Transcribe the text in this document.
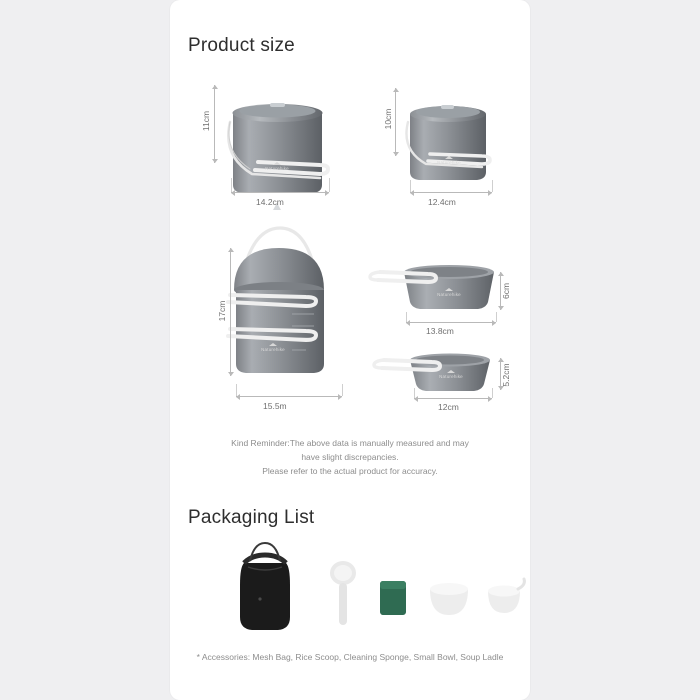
Product size
Naturehike
11cm
14.2cm
Naturehike
10cm
12.4cm
Naturehike
17cm
15.5m
Naturehike	6cm
13.8cm
Naturehike	5.2cm
12cm
Kind Reminder:The above data is manually measured and may
have slight discrepancies.
Please refer to the actual product for accuracy.
Packaging List
* Accessories: Mesh Bag, Rice Scoop, Cleaning Sponge, Small Bowl, Soup Ladle
